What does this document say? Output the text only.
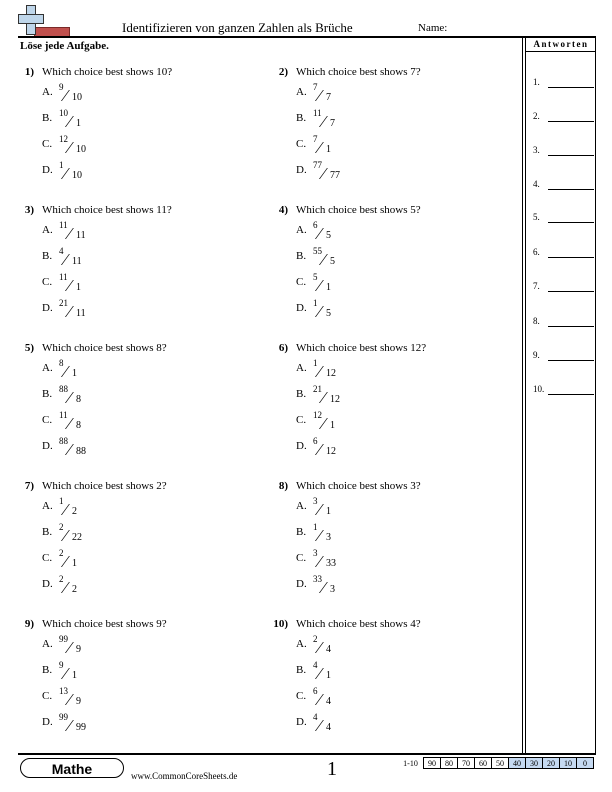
Identifizieren von ganzen Zahlen als Brüche	Name:
Löse jede Aufgabe.	Antworten
1.
2.
3.
4.
5.
6.
7.
8.
9.
10.
1) Which choice best shows 10?
A. 9 ⁄ 10
B. 10 ⁄ 1
C. 12 ⁄ 10
D. 1 ⁄ 10
2) Which choice best shows 7?
A. 7 ⁄ 7
B. 11 ⁄ 7
C. 7 ⁄ 1
D. 77 ⁄ 77
3) Which choice best shows 11?
A. 11 ⁄ 11
B. 4 ⁄ 11
C. 11 ⁄ 1
D. 21 ⁄ 11
4) Which choice best shows 5?
A. 6 ⁄ 5
B. 55 ⁄ 5
C. 5 ⁄ 1
D. 1 ⁄ 5
5) Which choice best shows 8?
A. 8 ⁄ 1
B. 88 ⁄ 8
C. 11 ⁄ 8
D. 88 ⁄ 88
6) Which choice best shows 12?
A. 1 ⁄ 12
B. 21 ⁄ 12
C. 12 ⁄ 1
D. 6 ⁄ 12
7) Which choice best shows 2?
A. 1 ⁄ 2
B. 2 ⁄ 22
C. 2 ⁄ 1
D. 2 ⁄ 2
8) Which choice best shows 3?
A. 3 ⁄ 1
B. 1 ⁄ 3
C. 3 ⁄ 33
D. 33 ⁄ 3
9) Which choice best shows 9?
A. 99 ⁄ 9
B. 9 ⁄ 1
C. 13 ⁄ 9
D. 99 ⁄ 99
10) Which choice best shows 4?
A. 2 ⁄ 4
B. 4 ⁄ 1
C. 6 ⁄ 4
D. 4 ⁄ 4
Mathe	www.CommonCoreSheets.de	1	1-10	90	80	70	60	50	40	30	20	10	0
